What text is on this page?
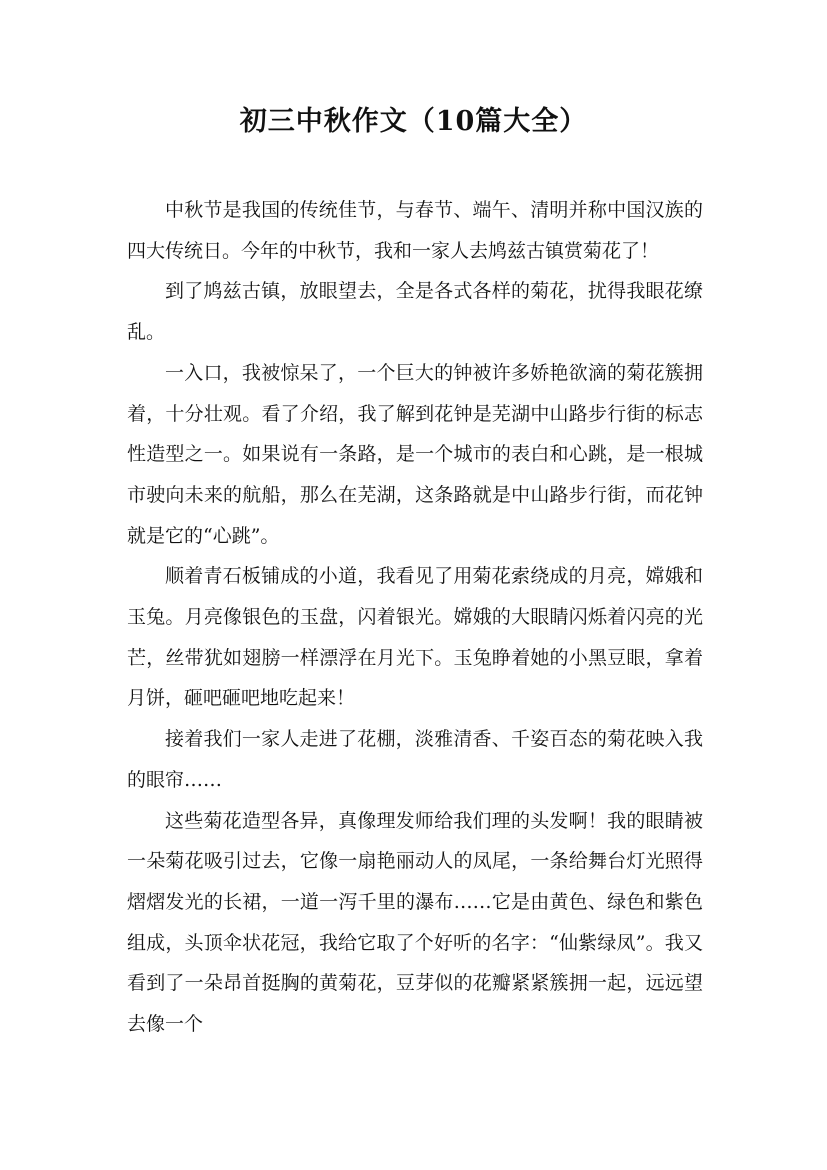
初三中秋作文（10篇大全）

中秋节是我国的传统佳节，与春节、端午、清明并称中国汉族的四大传统日。今年的中秋节，我和一家人去鸠兹古镇赏菊花了！

到了鸠兹古镇，放眼望去，全是各式各样的菊花，扰得我眼花缭乱。

一入口，我被惊呆了，一个巨大的钟被许多娇艳欲滴的菊花簇拥着，十分壮观。看了介绍，我了解到花钟是芜湖中山路步行街的标志性造型之一。如果说有一条路，是一个城市的表白和心跳，是一根城市驶向未来的航船，那么在芜湖，这条路就是中山路步行街，而花钟就是它的“心跳”。

顺着青石板铺成的小道，我看见了用菊花索绕成的月亮，嫦娥和玉兔。月亮像银色的玉盘，闪着银光。嫦娥的大眼睛闪烁着闪亮的光芒，丝带犹如翅膀一样漂浮在月光下。玉兔睁着她的小黑豆眼，拿着月饼，砸吧砸吧地吃起来！

接着我们一家人走进了花棚，淡雅清香、千姿百态的菊花映入我的眼帘……

这些菊花造型各异，真像理发师给我们理的头发啊！我的眼睛被一朵菊花吸引过去，它像一扇艳丽动人的凤尾，一条给舞台灯光照得熠熠发光的长裙，一道一泻千里的瀑布……它是由黄色、绿色和紫色组成，头顶伞状花冠，我给它取了个好听的名字：“仙紫绿凤”。我又看到了一朵昂首挺胸的黄菊花，豆芽似的花瓣紧紧簇拥一起，远远望去像一个
